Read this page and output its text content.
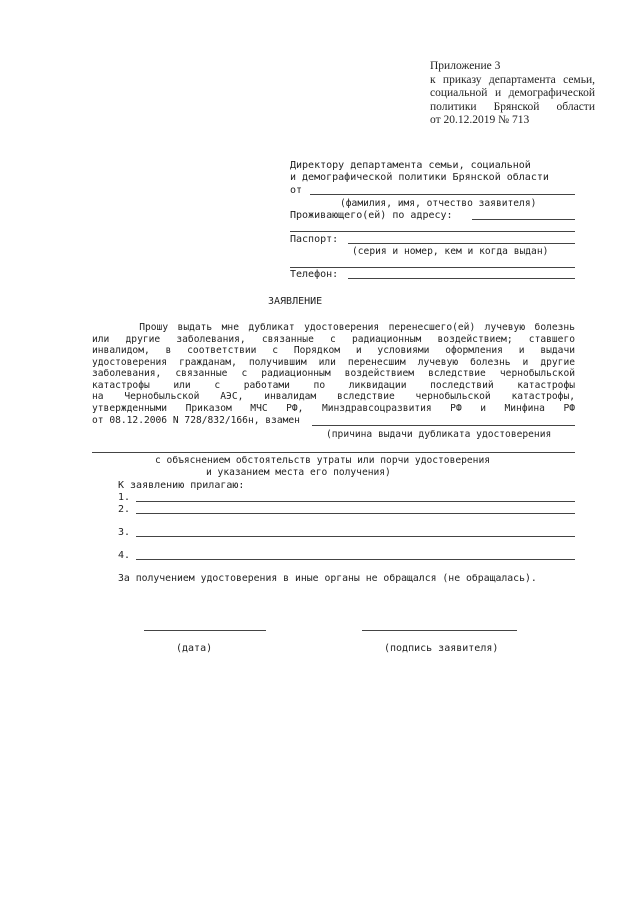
Приложение 3
к приказу департамента семьи,
социальной и демографической
политики Брянской области
от 20.12.2019 № 713
Директору департамента семьи, социальной
и демографической политики Брянской области
от
(фамилия, имя, отчество заявителя)
Проживающего(ей) по адресу:
Паспорт:
(серия и номер, кем и когда выдан)
Телефон:
ЗАЯВЛЕНИЕ
Прошу выдать мне дубликат удостоверения перенесшего(ей) лучевую болезнь
или другие заболевания, связанные с радиационным воздействием; ставшего
инвалидом, в соответствии с Порядком и условиями оформления и выдачи
удостоверения гражданам, получившим или перенесшим лучевую болезнь и другие
заболевания, связанные с радиационным воздействием вследствие чернобыльской
катастрофы или с работами по ликвидации последствий катастрофы
на Чернобыльской АЭС, инвалидам вследствие чернобыльской катастрофы,
утвержденными Приказом МЧС РФ, Минздравсоцразвития РФ и Минфина РФ
от 08.12.2006 N 728/832/166н, взамен
(причина выдачи дубликата удостоверения
с объяснением обстоятельств утраты или порчи удостоверения
и указанием места его получения)
К заявлению прилагаю:
1.
2.
3.
4.
За получением удостоверения в иные органы не обращался (не обращалась).
(дата)	(подпись заявителя)
